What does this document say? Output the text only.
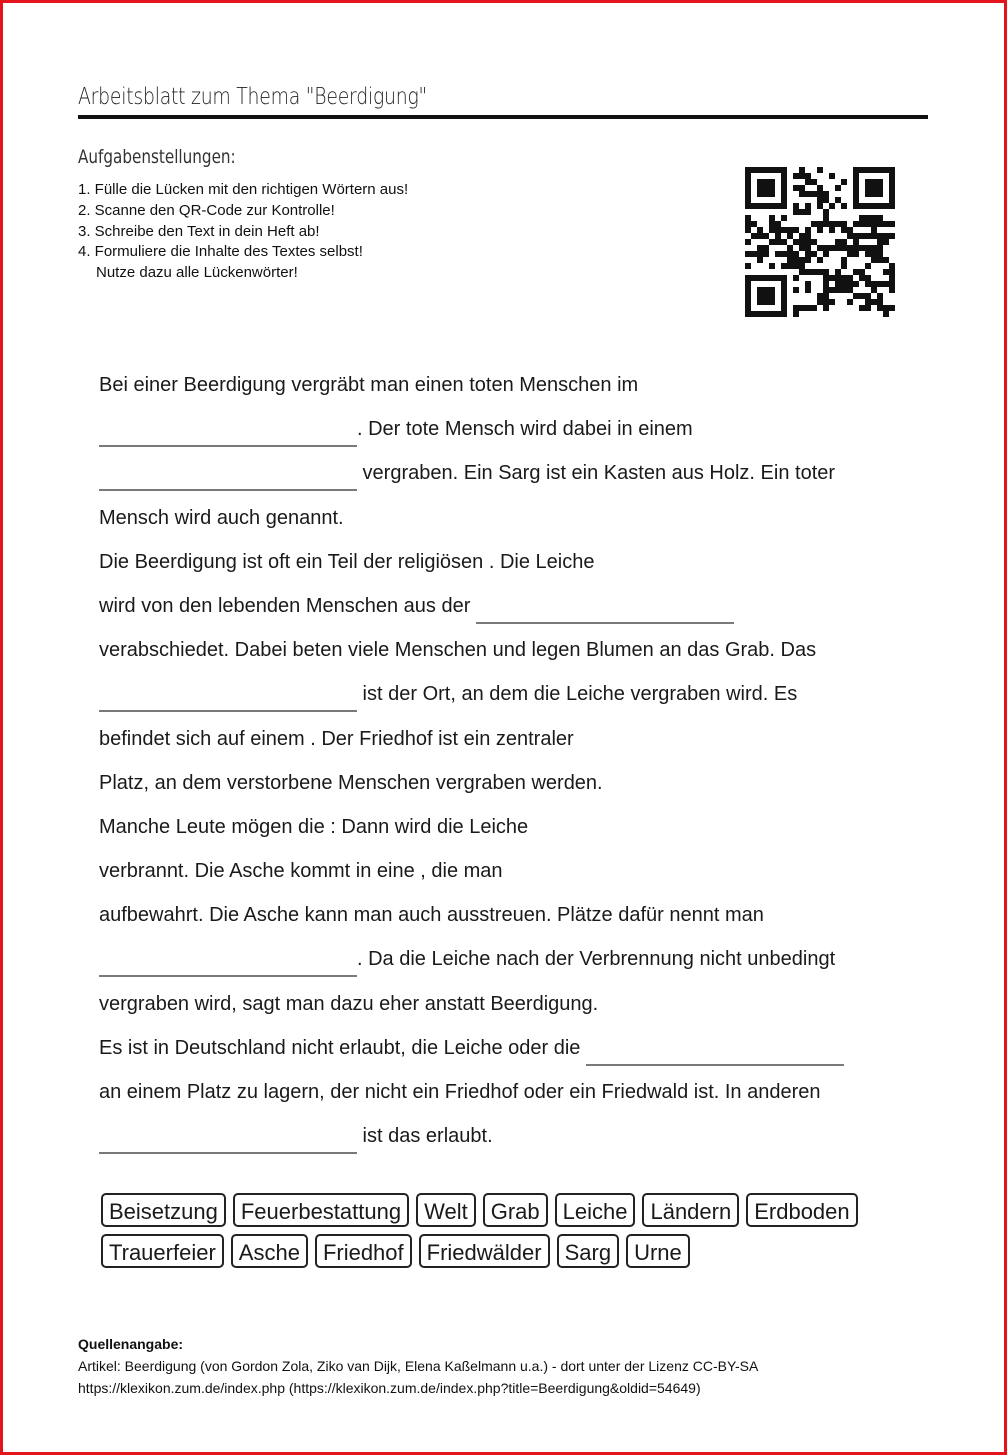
Arbeitsblatt zum Thema "Beerdigung"
Aufgabenstellungen:
1. Fülle die Lücken mit den richtigen Wörtern aus!
2. Scanne den QR-Code zur Kontrolle!
3. Schreibe den Text in dein Heft ab!
4. Formuliere die Inhalte des Textes selbst!
Nutze dazu alle Lückenwörter!
Bei einer Beerdigung vergräbt man einen toten Menschen im
. Der tote Mensch wird dabei in einem
vergraben. Ein Sarg ist ein Kasten aus Holz. Ein toter
Mensch wird auch genannt.
Die Beerdigung ist oft ein Teil der religiösen . Die Leiche
wird von den lebenden Menschen aus der
verabschiedet. Dabei beten viele Menschen und legen Blumen an das Grab. Das
ist der Ort, an dem die Leiche vergraben wird. Es
befindet sich auf einem . Der Friedhof ist ein zentraler
Platz, an dem verstorbene Menschen vergraben werden.
Manche Leute mögen die : Dann wird die Leiche
verbrannt. Die Asche kommt in eine , die man
aufbewahrt. Die Asche kann man auch ausstreuen. Plätze dafür nennt man
. Da die Leiche nach der Verbrennung nicht unbedingt
vergraben wird, sagt man dazu eher anstatt Beerdigung.
Es ist in Deutschland nicht erlaubt, die Leiche oder die
an einem Platz zu lagern, der nicht ein Friedhof oder ein Friedwald ist. In anderen
ist das erlaubt.
Beisetzung	Feuerbestattung	Welt	Grab	Leiche	Ländern	Erdboden
Trauerfeier	Asche	Friedhof	Friedwälder	Sarg	Urne
Quellenangabe:
Artikel: Beerdigung (von Gordon Zola, Ziko van Dijk, Elena Kaßelmann u.a.) - dort unter der Lizenz CC-BY-SA
https://klexikon.zum.de/index.php (https://klexikon.zum.de/index.php?title=Beerdigung&oldid=54649)
